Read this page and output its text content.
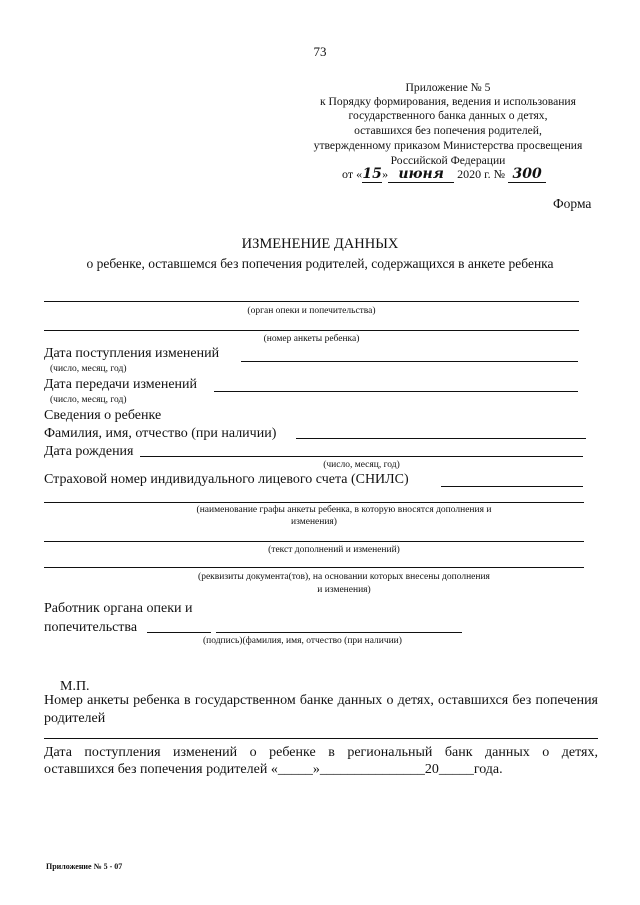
73
Приложение № 5
к Порядку формирования, ведения и использования
государственного банка данных о детях,
оставшихся без попечения родителей,
утвержденному приказом Министерства просвещения
Российской Федерации
от «15» июня 2020 г. № 300
Форма
ИЗМЕНЕНИЕ ДАННЫХ
о ребенке, оставшемся без попечения родителей, содержащихся в анкете ребенка
(орган опеки и попечительства)
(номер анкеты ребенка)
Дата поступления изменений
(число, месяц, год)
Дата передачи изменений
(число, месяц, год)
Сведения о ребенке
Фамилия, имя, отчество (при наличии)
Дата рождения
(число, месяц, год)
Страховой номер индивидуального лицевого счета (СНИЛС)
(наименование графы анкеты ребенка, в которую вносятся дополнения и
изменения)
(текст дополнений и изменений)
(реквизиты документа(тов), на основании которых внесены дополнения
и изменения)
Работник органа опеки и
попечительства
(подпись)(фамилия, имя, отчество (при наличии)
М.П.
Номер анкеты ребенка в государственном банке данных о детях, оставшихся без попечения родителей
Дата поступления изменений о ребенке в региональный банк данных о детях,
оставшихся без попечения родителей «_____»_______________20_____года.
Приложение № 5 - 07
